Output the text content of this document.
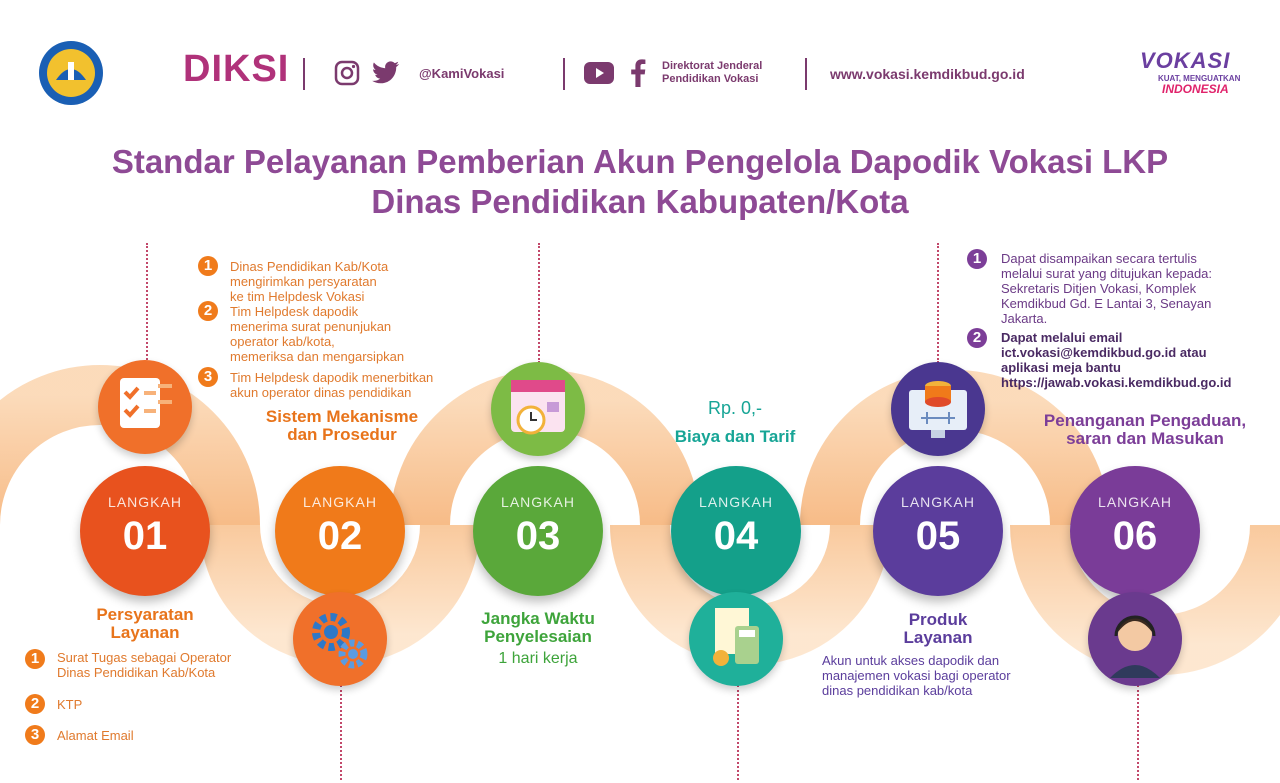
DIKSI	@KamiVokasi	Direktorat Jenderal
Pendidikan Vokasi	www.vokasi.kemdikbud.go.id
VOKASI
KUAT, MENGUATKAN
INDONESIA
Standar Pelayanan Pemberian Akun Pengelola Dapodik Vokasi LKP
Dinas Pendidikan Kabupaten/Kota
LANGKAH
01
LANGKAH
02
LANGKAH
03
LANGKAH
04
LANGKAH
05
LANGKAH
06
Persyaratan
Layanan
1	Surat Tugas sebagai Operator
Dinas Pendidikan Kab/Kota
2	KTP
3	Alamat Email
1	Dinas Pendidikan Kab/Kota
mengirimkan persyaratan
ke tim Helpdesk Vokasi
2	Tim Helpdesk dapodik
menerima surat penunjukan
operator kab/kota,
memeriksa dan mengarsipkan
3	Tim Helpdesk dapodik menerbitkan
akun operator dinas pendidikan
Sistem Mekanisme
dan Prosedur
Jangka Waktu
Penyelesaian
1 hari kerja
Rp. 0,-
Biaya dan Tarif
Produk
Layanan
Akun untuk akses dapodik dan
manajemen vokasi bagi operator
dinas pendidikan kab/kota
1	Dapat disampaikan secara tertulis
melalui surat yang ditujukan kepada:
Sekretaris Ditjen Vokasi, Komplek
Kemdikbud Gd. E Lantai 3, Senayan
Jakarta.
2	Dapat melalui email
ict.vokasi@kemdikbud.go.id atau
aplikasi meja bantu
https://jawab.vokasi.kemdikbud.go.id
Penanganan Pengaduan,
saran dan Masukan
